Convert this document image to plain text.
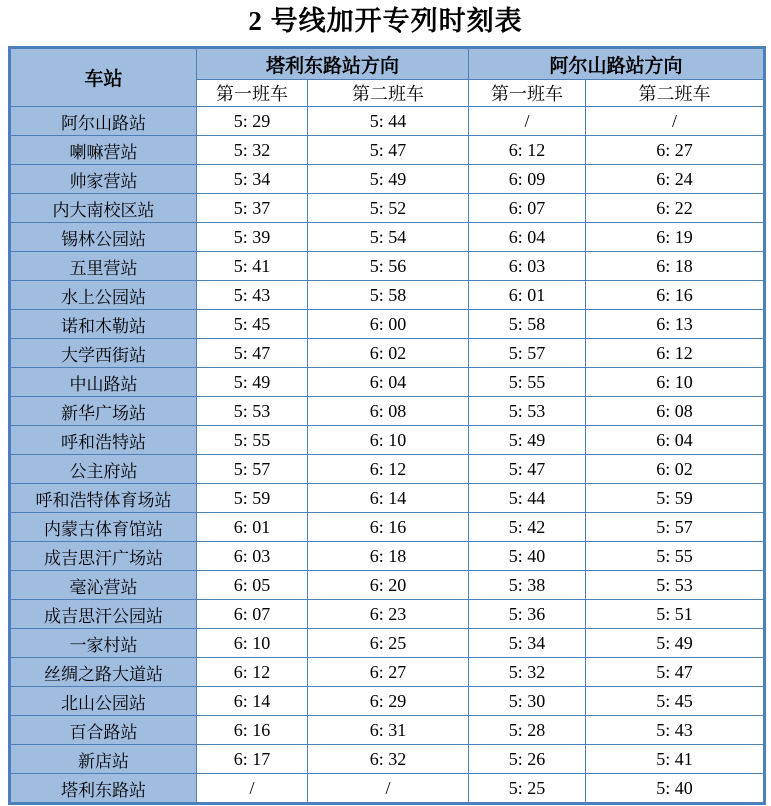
2 号线加开专列时刻表
车站	塔利东路站方向		阿尔山路站方向	
	第一班车	第二班车	第一班车	第二班车
阿尔山路站	5: 29	5: 44	/	/
喇嘛营站	5: 32	5: 47	6: 12	6: 27
帅家营站	5: 34	5: 49	6: 09	6: 24
内大南校区站	5: 37	5: 52	6: 07	6: 22
锡林公园站	5: 39	5: 54	6: 04	6: 19
五里营站	5: 41	5: 56	6: 03	6: 18
水上公园站	5: 43	5: 58	6: 01	6: 16
诺和木勒站	5: 45	6: 00	5: 58	6: 13
大学西街站	5: 47	6: 02	5: 57	6: 12
中山路站	5: 49	6: 04	5: 55	6: 10
新华广场站	5: 53	6: 08	5: 53	6: 08
呼和浩特站	5: 55	6: 10	5: 49	6: 04
公主府站	5: 57	6: 12	5: 47	6: 02
呼和浩特体育场站	5: 59	6: 14	5: 44	5: 59
内蒙古体育馆站	6: 01	6: 16	5: 42	5: 57
成吉思汗广场站	6: 03	6: 18	5: 40	5: 55
毫沁营站	6: 05	6: 20	5: 38	5: 53
成吉思汗公园站	6: 07	6: 23	5: 36	5: 51
一家村站	6: 10	6: 25	5: 34	5: 49
丝绸之路大道站	6: 12	6: 27	5: 32	5: 47
北山公园站	6: 14	6: 29	5: 30	5: 45
百合路站	6: 16	6: 31	5: 28	5: 43
新店站	6: 17	6: 32	5: 26	5: 41
塔利东路站	/	/	5: 25	5: 40
